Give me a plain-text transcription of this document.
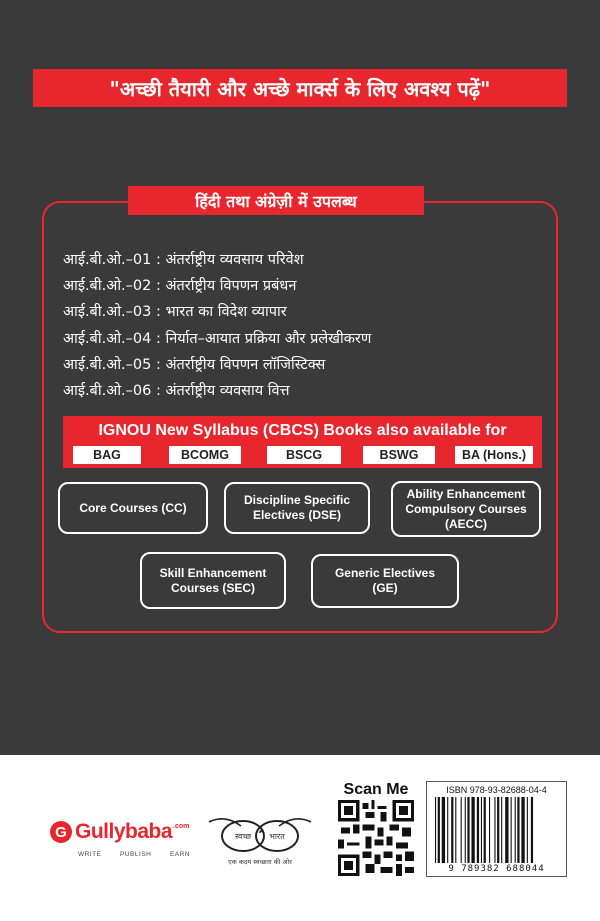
"अच्छी तैयारी और अच्छे मार्क्स के लिए अवश्य पढ़ें"
हिंदी तथा अंग्रेज़ी में उपलब्ध
आई.बी.ओ.–01 : अंतर्राष्ट्रीय व्यवसाय परिवेश
आई.बी.ओ.–02 : अंतर्राष्ट्रीय विपणन प्रबंधन
आई.बी.ओ.–03 : भारत का विदेश व्यापार
आई.बी.ओ.–04 : निर्यात–आयात प्रक्रिया और प्रलेखीकरण
आई.बी.ओ.–05 : अंतर्राष्ट्रीय विपणन लॉजिस्टिक्स
आई.बी.ओ.–06 : अंतर्राष्ट्रीय व्यवसाय वित्त
IGNOU New Syllabus (CBCS) Books also available for
BAG	BCOMG	BSCG	BSWG	BA (Hons.)
Core Courses (CC)
Discipline Specific
Electives (DSE)
Ability Enhancement
Compulsory Courses
(AECC)
Skill Enhancement
Courses (SEC)
Generic Electives
(GE)
G Gullybaba .com
WRITE	PUBLISH	EARN
स्वच्छ भारत
एक कदम स्वच्छता की ओर
Scan Me	ISBN 978-93-82688-04-4
9 789382 688044
